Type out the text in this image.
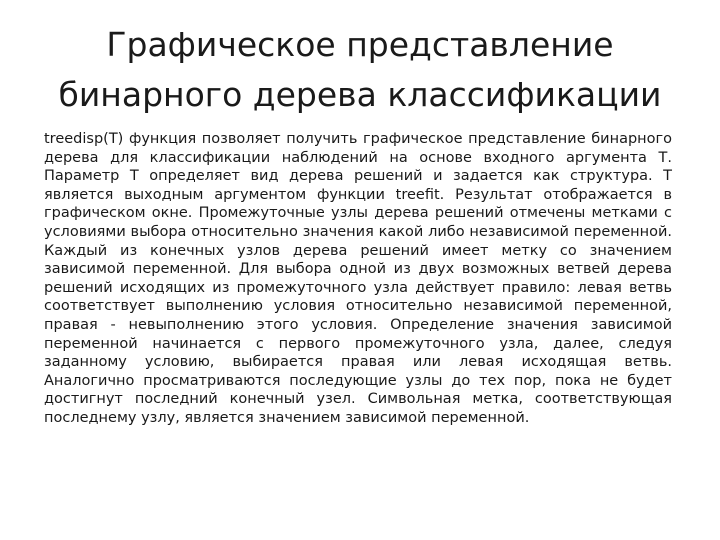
Графическое представление
бинарного дерева классификации

treedisp(T) функция позволяет получить графическое представление бинарного дерева для классификации наблюдений на основе входного аргумента Т. Параметр Т определяет вид дерева решений и задается как структура. Т является выходным аргументом функции treefit. Результат отображается в графическом окне. Промежуточные узлы дерева решений отмечены метками с условиями выбора относительно значения какой либо независимой переменной. Каждый из конечных узлов дерева решений имеет метку со значением зависимой переменной. Для выбора одной из двух возможных ветвей дерева решений исходящих из промежуточного узла действует правило: левая ветвь соответствует выполнению условия относительно независимой переменной, правая - невыполнению этого условия. Определение значения зависимой переменной начинается с первого промежуточного узла, далее, следуя заданному условию, выбирается правая или левая исходящая ветвь. Аналогично просматриваются последующие узлы до тех пор, пока не будет достигнут последний конечный узел. Символьная метка, соответствующая последнему узлу, является значением зависимой переменной.
